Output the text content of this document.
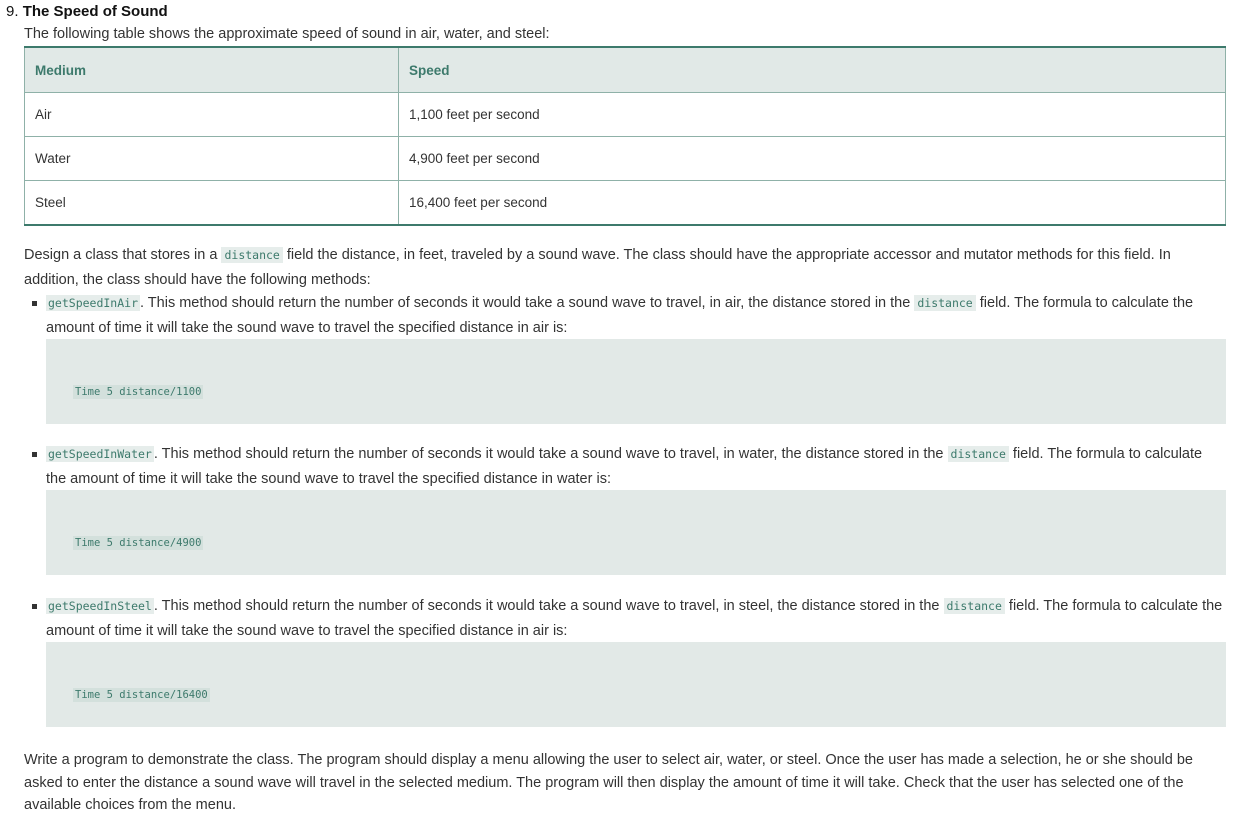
9. The Speed of Sound
The following table shows the approximate speed of sound in air, water, and steel:
Medium	Speed
Air	1,100 feet per second
Water	4,900 feet per second
Steel	16,400 feet per second
Design a class that stores in a distance field the distance, in feet, traveled by a sound wave. The class should have the appropriate accessor and mutator methods for this field. In addition, the class should have the following methods:
getSpeedInAir . This method should return the number of seconds it would take a sound wave to travel, in air, the distance stored in the distance field. The formula to calculate the amount of time it will take the sound wave to travel the specified distance in air is:
Time 5 distance/1100
getSpeedInWater . This method should return the number of seconds it would take a sound wave to travel, in water, the distance stored in the distance field. The formula to calculate the amount of time it will take the sound wave to travel the specified distance in water is:
Time 5 distance/4900
getSpeedInSteel . This method should return the number of seconds it would take a sound wave to travel, in steel, the distance stored in the distance field. The formula to calculate the amount of time it will take the sound wave to travel the specified distance in air is:
Time 5 distance/16400
Write a program to demonstrate the class. The program should display a menu allowing the user to select air, water, or steel. Once the user has made a selection, he or she should be asked to enter the distance a sound wave will travel in the selected medium. The program will then display the amount of time it will take. Check that the user has selected one of the available choices from the menu.
